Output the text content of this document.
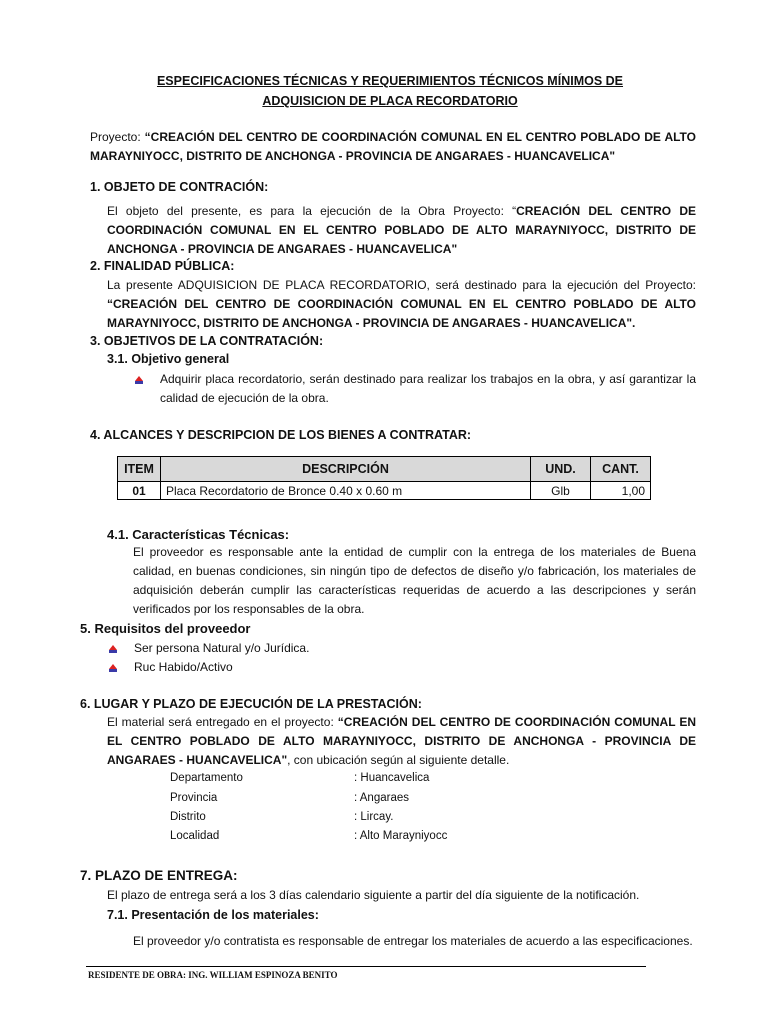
ESPECIFICACIONES TÉCNICAS Y REQUERIMIENTOS TÉCNICOS MÍNIMOS DE
ADQUISICION DE PLACA RECORDATORIO
Proyecto: “CREACIÓN DEL CENTRO DE COORDINACIÓN COMUNAL EN EL CENTRO POBLADO DE ALTO MARAYNIYOCC, DISTRITO DE ANCHONGA - PROVINCIA DE ANGARAES - HUANCAVELICA"
1. OBJETO DE CONTRACIÓN:
El objeto del presente, es para la ejecución de la Obra Proyecto: “CREACIÓN DEL CENTRO DE COORDINACIÓN COMUNAL EN EL CENTRO POBLADO DE ALTO MARAYNIYOCC, DISTRITO DE ANCHONGA - PROVINCIA DE ANGARAES - HUANCAVELICA"
2. FINALIDAD PÚBLICA:
La presente ADQUISICION DE PLACA RECORDATORIO, será destinado para la ejecución del Proyecto: “CREACIÓN DEL CENTRO DE COORDINACIÓN COMUNAL EN EL CENTRO POBLADO DE ALTO MARAYNIYOCC, DISTRITO DE ANCHONGA - PROVINCIA DE ANGARAES - HUANCAVELICA".
3. OBJETIVOS DE LA CONTRATACIÓN:
3.1. Objetivo general
Adquirir placa recordatorio, serán destinado para realizar los trabajos en la obra, y así garantizar la calidad de ejecución de la obra.
4. ALCANCES Y DESCRIPCION DE LOS BIENES A CONTRATAR:
ITEM	DESCRIPCIÓN	UND.	CANT.
01	Placa Recordatorio de Bronce 0.40 x 0.60 m	Glb	1,00
4.1. Características Técnicas:
El proveedor es responsable ante la entidad de cumplir con la entrega de los materiales de Buena calidad, en buenas condiciones, sin ningún tipo de defectos de diseño y/o fabricación, los materiales de adquisición deberán cumplir las características requeridas de acuerdo a las descripciones y serán verificados por los responsables de la obra.
5. Requisitos del proveedor
Ser persona Natural y/o Jurídica.
Ruc Habido/Activo
6. LUGAR Y PLAZO DE EJECUCIÓN DE LA PRESTACIÓN:
El material será entregado en el proyecto: “CREACIÓN DEL CENTRO DE COORDINACIÓN COMUNAL EN EL CENTRO POBLADO DE ALTO MARAYNIYOCC, DISTRITO DE ANCHONGA - PROVINCIA DE ANGARAES - HUANCAVELICA", con ubicación según al siguiente detalle.
Departamento	: Huancavelica
Provincia	: Angaraes
Distrito	: Lircay.
Localidad	: Alto Marayniyocc
7. PLAZO DE ENTREGA:
El plazo de entrega será a los 3 días calendario siguiente a partir del día siguiente de la notificación.
7.1. Presentación de los materiales:
El proveedor y/o contratista es responsable de entregar los materiales de acuerdo a las especificaciones.
RESIDENTE DE OBRA: ING. WILLIAM ESPINOZA BENITO
